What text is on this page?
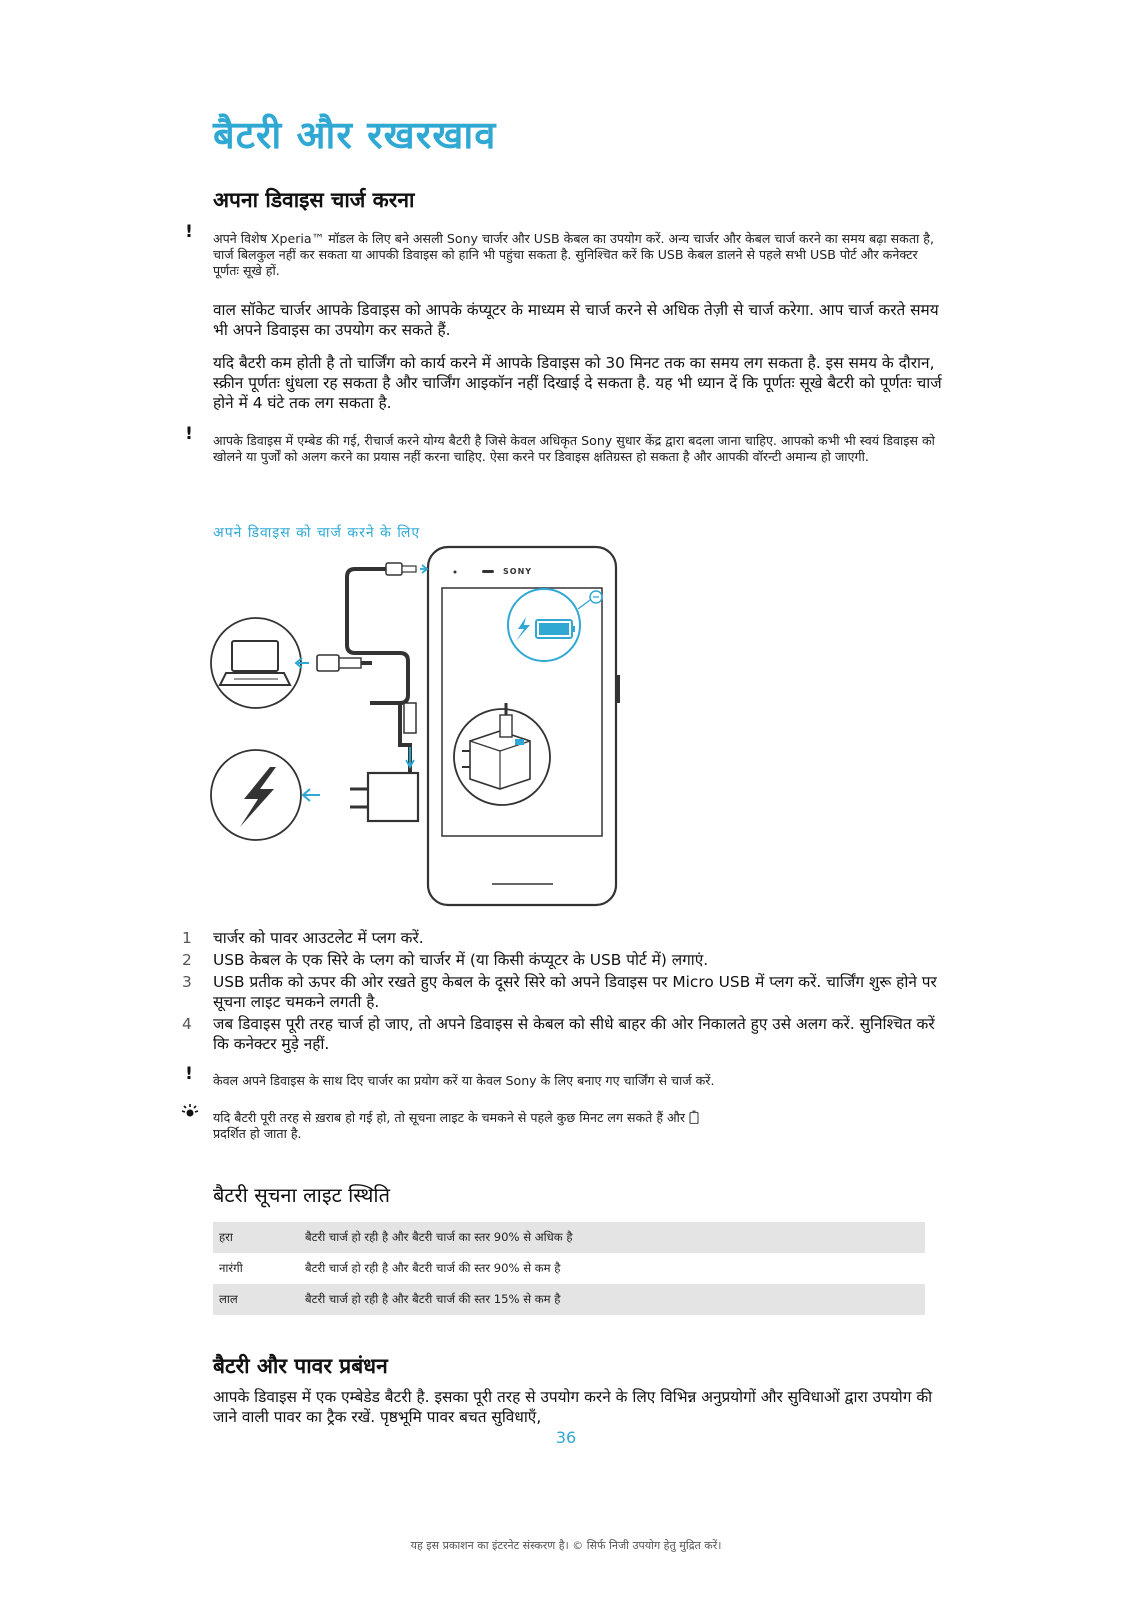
बैटरी और रखरखाव
अपना डिवाइस चार्ज करना
! अपने विशेष Xperia™ मॉडल के लिए बने असली Sony चार्जर और USB केबल का उपयोग करें. अन्य चार्जर और केबल चार्ज करने का समय बढ़ा सकता है, चार्ज बिलकुल नहीं कर सकता या आपकी डिवाइस को हानि भी पहुंचा सकता है. सुनिश्चित करें कि USB केबल डालने से पहले सभी USB पोर्ट और कनेक्टर पूर्णतः सूखे हों.

वाल सॉकेट चार्जर आपके डिवाइस को आपके कंप्यूटर के माध्यम से चार्ज करने से अधिक तेज़ी से चार्ज करेगा. आप चार्ज करते समय भी अपने डिवाइस का उपयोग कर सकते हैं.

यदि बैटरी कम होती है तो चार्जिंग को कार्य करने में आपके डिवाइस को 30 मिनट तक का समय लग सकता है. इस समय के दौरान, स्क्रीन पूर्णतः धुंधला रह सकता है और चार्जिंग आइकॉन नहीं दिखाई दे सकता है. यह भी ध्यान दें कि पूर्णतः सूखे बैटरी को पूर्णतः चार्ज होने में 4 घंटे तक लग सकता है.

! आपके डिवाइस में एम्बेड की गई, रीचार्ज करने योग्य बैटरी है जिसे केवल अधिकृत Sony सुधार केंद्र द्वारा बदला जाना चाहिए. आपको कभी भी स्वयं डिवाइस को खोलने या पुर्जों को अलग करने का प्रयास नहीं करना चाहिए. ऐसा करने पर डिवाइस क्षतिग्रस्त हो सकता है और आपकी वॉरन्टी अमान्य हो जाएगी.

अपने डिवाइस को चार्ज करने के लिए

SONY
1 चार्जर को पावर आउटलेट में प्लग करें.
2 USB केबल के एक सिरे के प्लग को चार्जर में (या किसी कंप्यूटर के USB पोर्ट में) लगाएं.
3 USB प्रतीक को ऊपर की ओर रखते हुए केबल के दूसरे सिरे को अपने डिवाइस पर Micro USB में प्लग करें. चार्जिंग शुरू होने पर सूचना लाइट चमकने लगती है.
4 जब डिवाइस पूरी तरह चार्ज हो जाए, तो अपने डिवाइस से केबल को सीधे बाहर की ओर निकालते हुए उसे अलग करें. सुनिश्चित करें कि कनेक्टर मुड़े नहीं.
! केवल अपने डिवाइस के साथ दिए चार्जर का प्रयोग करें या केवल Sony के लिए बनाए गए चार्जिंग से चार्ज करें.

यदि बैटरी पूरी तरह से ख़राब हो गई हो, तो सूचना लाइट के चमकने से पहले कुछ मिनट लग सकते हैं और
प्रदर्शित हो जाता है.

बैटरी सूचना लाइट स्थिति
हरा	बैटरी चार्ज हो रही है और बैटरी चार्ज का स्तर 90% से अधिक है
नारंगी	बैटरी चार्ज हो रही है और बैटरी चार्ज की स्तर 90% से कम है
लाल	बैटरी चार्ज हो रही है और बैटरी चार्ज की स्तर 15% से कम है
बैटरी और पावर प्रबंधन

आपके डिवाइस में एक एम्बेडेड बैटरी है. इसका पूरी तरह से उपयोग करने के लिए विभिन्न अनुप्रयोगों और सुविधाओं द्वारा उपयोग की जाने वाली पावर का ट्रैक रखें. पृष्ठभूमि पावर बचत सुविधाएँ,

36
यह इस प्रकाशन का इंटरनेट संस्करण है। © सिर्फ निजी उपयोग हेतु मुद्रित करें।
